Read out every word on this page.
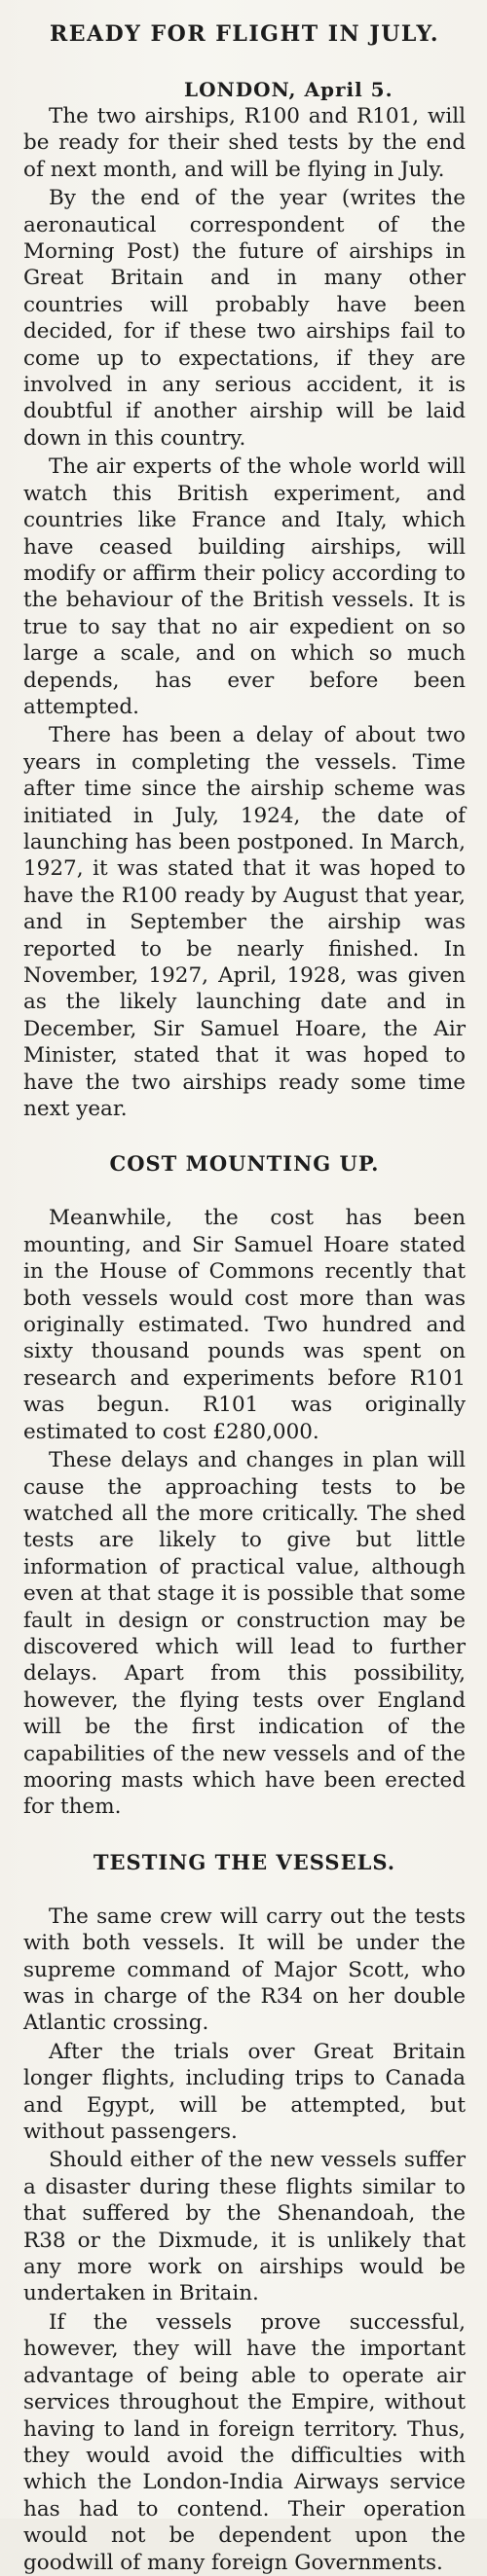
READY FOR FLIGHT IN JULY.
LONDON, April 5.

The two airships, R100 and R101, will be ready for their shed tests by the end of next month, and will be flying in July.

By the end of the year (writes the aeronautical correspondent of the Morning Post) the future of airships in Great Britain and in many other countries will probably have been decided, for if these two airships fail to come up to expectations, if they are involved in any serious accident, it is doubtful if another airship will be laid down in this country.

The air experts of the whole world will watch this British experiment, and countries like France and Italy, which have ceased building airships, will modify or affirm their policy according to the behaviour of the British vessels. It is true to say that no air expedient on so large a scale, and on which so much depends, has ever before been attempted.

There has been a delay of about two years in completing the vessels. Time after time since the airship scheme was initiated in July, 1924, the date of launching has been postponed. In March, 1927, it was stated that it was hoped to have the R100 ready by August that year, and in September the airship was reported to be nearly finished. In November, 1927, April, 1928, was given as the likely launching date and in December, Sir Samuel Hoare, the Air Minister, stated that it was hoped to have the two airships ready some time next year.

COST MOUNTING UP.

Meanwhile, the cost has been mounting, and Sir Samuel Hoare stated in the House of Commons recently that both vessels would cost more than was originally estimated. Two hundred and sixty thousand pounds was spent on research and experiments before R101 was begun. R101 was originally estimated to cost £280,000.

These delays and changes in plan will cause the approaching tests to be watched all the more critically. The shed tests are likely to give but little information of practical value, although even at that stage it is possible that some fault in design or construction may be discovered which will lead to further delays. Apart from this possibility, however, the flying tests over England will be the first indication of the capabilities of the new vessels and of the mooring masts which have been erected for them.

TESTING THE VESSELS.

The same crew will carry out the tests with both vessels. It will be under the supreme command of Major Scott, who was in charge of the R34 on her double Atlantic crossing.

After the trials over Great Britain longer flights, including trips to Canada and Egypt, will be attempted, but without passengers.

Should either of the new vessels suffer a disaster during these flights similar to that suffered by the Shenandoah, the R38 or the Dixmude, it is unlikely that any more work on airships would be undertaken in Britain.

If the vessels prove successful, however, they will have the important advantage of being able to operate air services throughout the Empire, without having to land in foreign territory. Thus, they would avoid the difficulties with which the London-India Airways service has had to contend. Their operation would not be dependent upon the goodwill of many foreign Governments.
